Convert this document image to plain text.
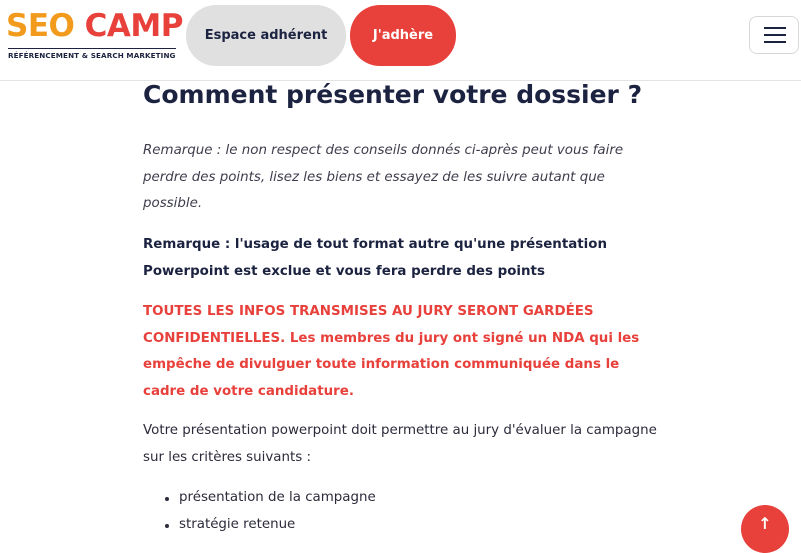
SEO CAMP
RÉFÉRENCEMENT & SEARCH MARKETING
Espace adhérent	J'adhère
Comment présenter votre dossier ?

Remarque : le non respect des conseils donnés ci-après peut vous faire perdre des points, lisez les biens et essayez de les suivre autant que possible.

Remarque : l'usage de tout format autre qu'une présentation Powerpoint est exclue et vous fera perdre des points

TOUTES LES INFOS TRANSMISES AU JURY SERONT GARDÉES CONFIDENTIELLES. Les membres du jury ont signé un NDA qui les empêche de divulguer toute information communiquée dans le cadre de votre candidature.

Votre présentation powerpoint doit permettre au jury d'évaluer la campagne sur les critères suivants :

présentation de la campagne
stratégie retenue	↑
